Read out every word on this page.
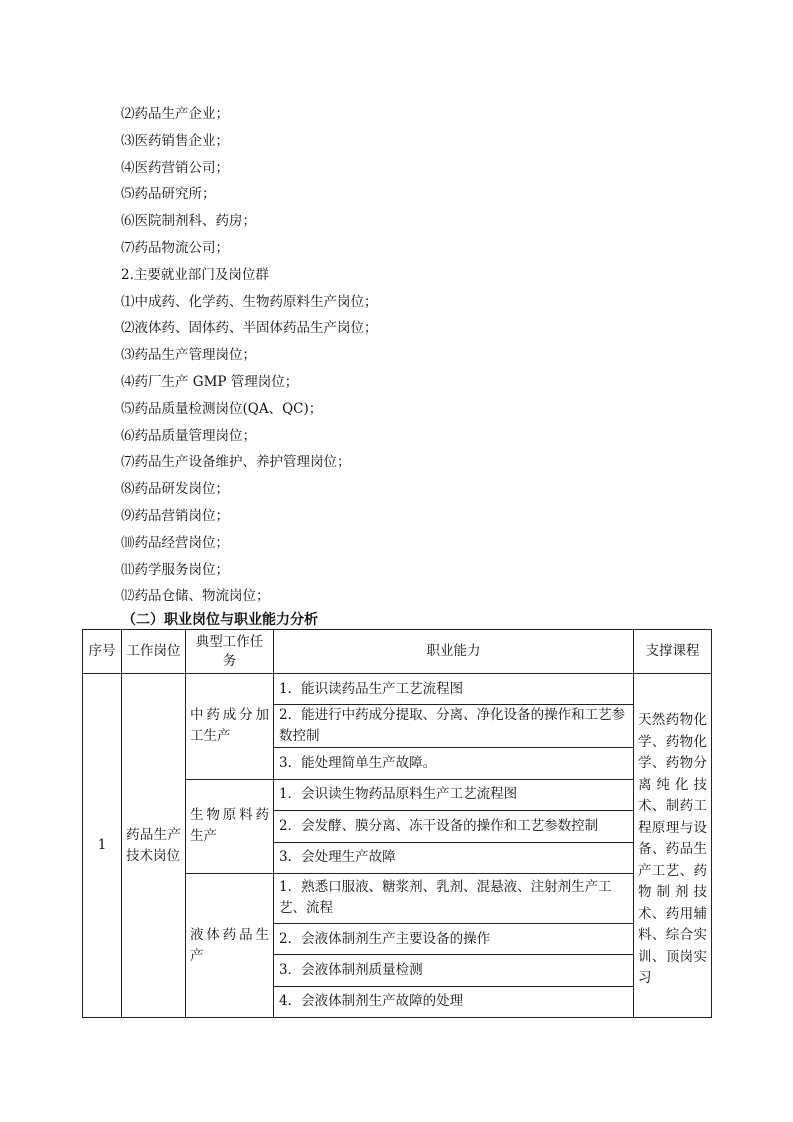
⑵药品生产企业；
⑶医药销售企业；
⑷医药营销公司；
⑸药品研究所；
⑹医院制剂科、药房；
⑺药品物流公司；
2.主要就业部门及岗位群
⑴中成药、化学药、生物药原料生产岗位；
⑵液体药、固体药、半固体药品生产岗位；
⑶药品生产管理岗位；
⑷药厂生产 GMP 管理岗位；
⑸药品质量检测岗位(QA、QC)；
⑹药品质量管理岗位；
⑺药品生产设备维护、养护管理岗位；
⑻药品研发岗位；
⑼药品营销岗位；
⑽药品经营岗位；
⑾药学服务岗位；
⑿药品仓储、物流岗位；
（二）职业岗位与职业能力分析
序号	工作岗位	典型工作任务	职业能力	支撑课程
1	药品生产技术岗位	中药成分加工生产	1．能识读药品生产工艺流程图	天然药物化学、药物化学、药物分离纯化技术、制药工程原理与设备、药品生产工艺、药物制剂技术、药用辅料、综合实训、顶岗实习
			2．能进行中药成分提取、分离、净化设备的操作和工艺参数控制	
			3．能处理简单生产故障。	
		生物原料药生产	1．会识读生物药品原料生产工艺流程图	
			2．会发酵、膜分离、冻干设备的操作和工艺参数控制	
			3．会处理生产故障	
		液体药品生产	1．熟悉口服液、糖浆剂、乳剂、混悬液、注射剂生产工艺、流程	
			2．会液体制剂生产主要设备的操作	
			3．会液体制剂质量检测	
			4．会液体制剂生产故障的处理	
